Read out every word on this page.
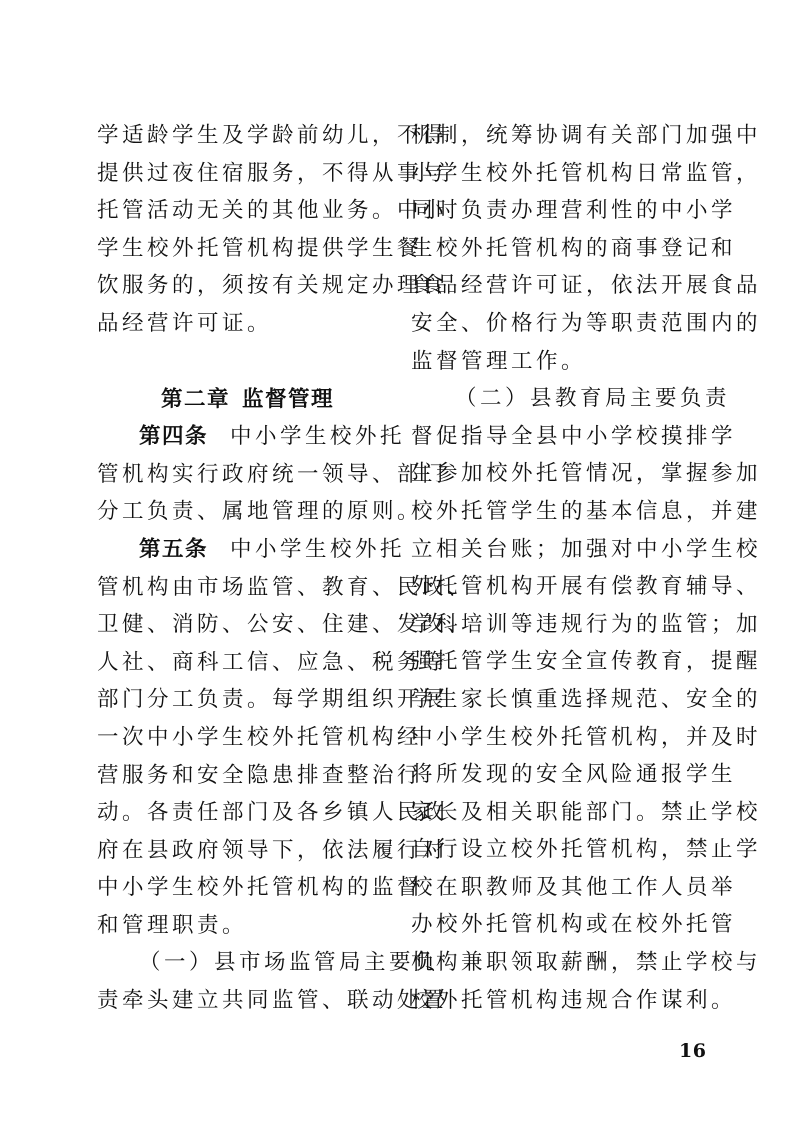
学适龄学生及学龄前幼儿，不得
提供过夜住宿服务，不得从事与
托管活动无关的其他业务。中小
学生校外托管机构提供学生餐
饮服务的，须按有关规定办理食
品经营许可证。
第二章 监督管理
第四条 中小学生校外托
管机构实行政府统一领导、部门
分工负责、属地管理的原则。
第五条 中小学生校外托
管机构由市场监管、教育、民政、
卫健、消防、公安、住建、发改、
人社、商科工信、应急、税务等
部门分工负责。每学期组织开展
一次中小学生校外托管机构经
营服务和安全隐患排查整治行
动。各责任部门及各乡镇人民政
府在县政府领导下，依法履行对
中小学生校外托管机构的监督
和管理职责。
（一）县市场监管局主要负
责牵头建立共同监管、联动处置
机制，统筹协调有关部门加强中
小学生校外托管机构日常监管，
同时负责办理营利性的中小学
生校外托管机构的商事登记和
食品经营许可证，依法开展食品
安全、价格行为等职责范围内的
监督管理工作。
（二）县教育局主要负责
督促指导全县中小学校摸排学
生参加校外托管情况，掌握参加
校外托管学生的基本信息，并建
立相关台账；加强对中小学生校
外托管机构开展有偿教育辅导、
学科培训等违规行为的监管；加
强托管学生安全宣传教育，提醒
学生家长慎重选择规范、安全的
中小学生校外托管机构，并及时
将所发现的安全风险通报学生
家长及相关职能部门。禁止学校
自行设立校外托管机构，禁止学
校在职教师及其他工作人员举
办校外托管机构或在校外托管
机构兼职领取薪酬，禁止学校与
校外托管机构违规合作谋利。
16
